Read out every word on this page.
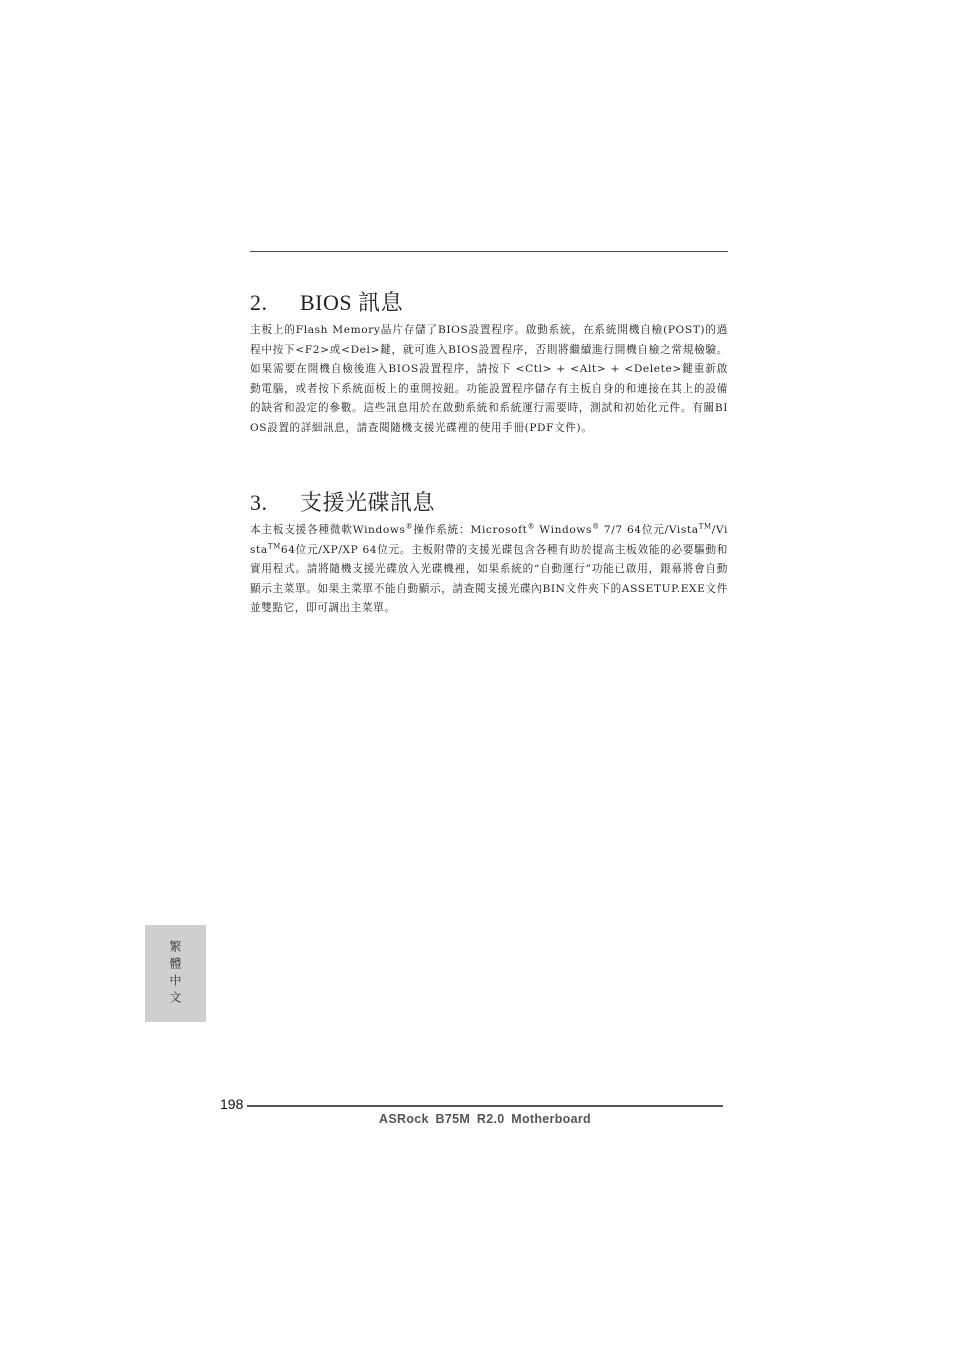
2. BIOS 訊息

主板上的Flash Memory晶片存儲了BIOS設置程序。啟動系統，在系統開機自檢(POST)的過程中按下<F2>或<Del>鍵，就可進入BIOS設置程序，否則將繼續進行開機自檢之常規檢驗。如果需要在開機自檢後進入BIOS設置程序，請按下 <Ctl> + <Alt> + <Delete>鍵重新啟動電腦，或者按下系統面板上的重開按鈕。功能設置程序儲存有主板自身的和連接在其上的設備的缺省和設定的參數。這些訊息用於在啟動系統和系統運行需要時，測試和初始化元件。有關BIOS設置的詳細訊息，請查閱隨機支援光碟裡的使用手冊(PDF文件)。

3. 支援光碟訊息

本主板支援各種微軟Windows®操作系統：Microsoft® Windows® 7/7 64位元/Vista™/Vista™64位元/XP/XP 64位元。主板附帶的支援光碟包含各種有助於提高主板效能的必要驅動和實用程式。請將隨機支援光碟放入光碟機裡，如果系統的“自動運行”功能已啟用，銀幕將會自動顯示主菜單。如果主菜單不能自動顯示，請查閱支援光碟內BIN文件夾下的ASSETUP.EXE文件並雙點它，即可調出主菜單。

繁體中文
198
ASRock B75M R2.0 Motherboard
